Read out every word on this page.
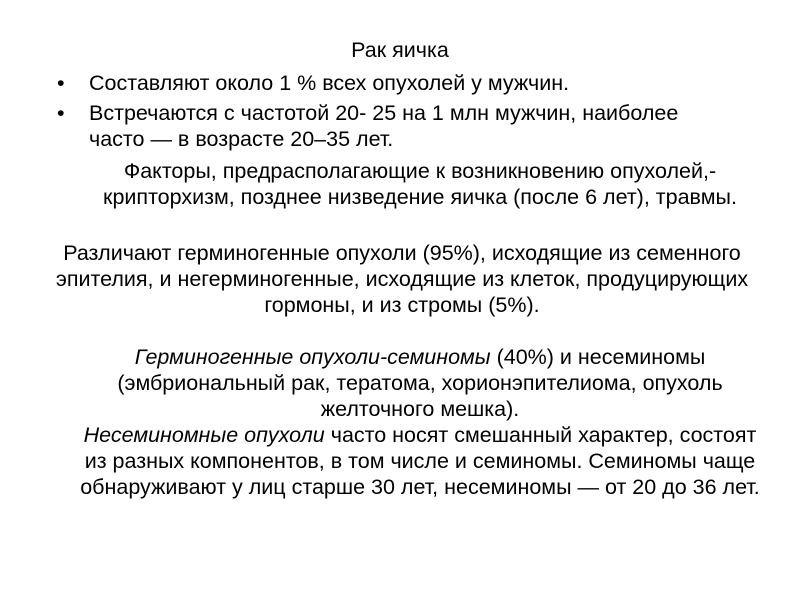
Рак яичка
• Составляют около 1 % всех опухолей у мужчин.
• Встречаются с частотой 20- 25 на 1 млн мужчин, наиболее часто — в возрасте 20–35 лет.
Факторы, предрасполагающие к возникновению опухолей,-крипторхизм, позднее низведение яичка (после 6 лет), травмы.
Различают герминогенные опухоли (95%), исходящие из семенного эпителия, и негерминогенные, исходящие из клеток, продуцирующих гормоны, и из стромы (5%).
Герминогенные опухоли-семиномы (40%) и несеминомы (эмбриональный рак, тератома, хорионэпителиома, опухоль желточного мешка).
Несеминомные опухоли часто носят смешанный характер, состоят из разных компонентов, в том числе и семиномы. Семиномы чаще обнаруживают у лиц старше 30 лет, несеминомы — от 20 до 36 лет.
